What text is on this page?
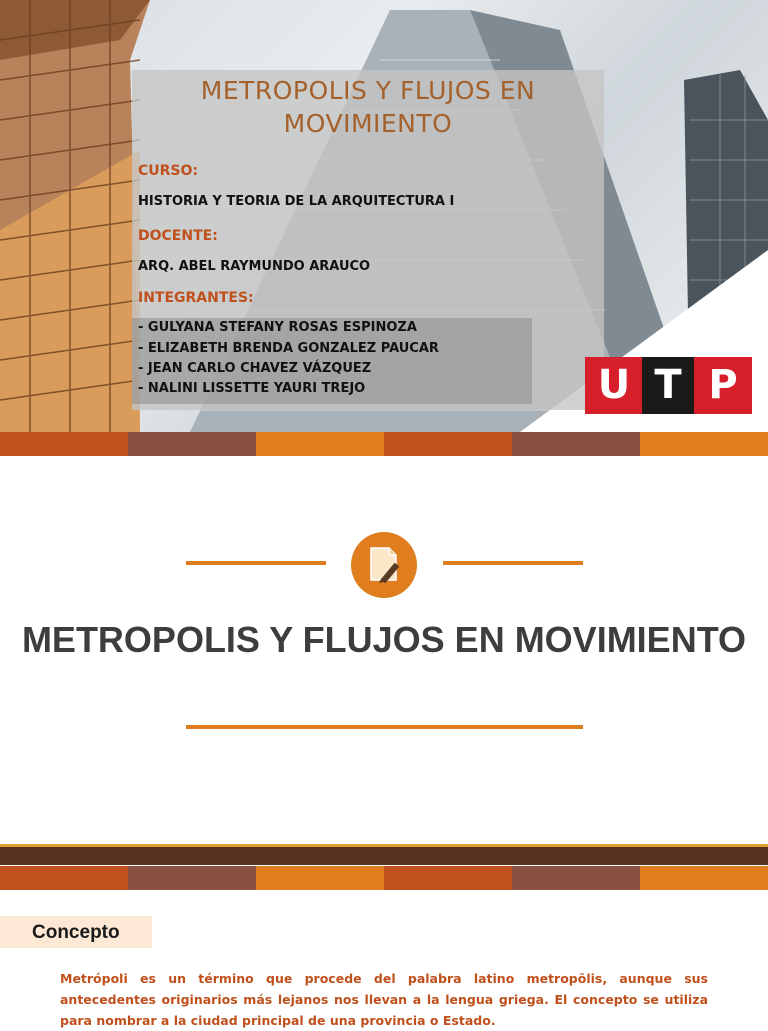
METROPOLIS Y FLUJOS EN MOVIMIENTO
CURSO:
HISTORIA Y TEORIA DE LA ARQUITECTURA I
DOCENTE:
ARQ. ABEL RAYMUNDO ARAUCO
INTEGRANTES:
- GULYANA STEFANY ROSAS ESPINOZA
- ELIZABETH BRENDA GONZALEZ PAUCAR
- JEAN CARLO CHAVEZ VÁZQUEZ
- NALINI LISSETTE YAURI TREJO	U T P
METROPOLIS Y FLUJOS EN MOVIMIENTO
Concepto
Metrópoli es un término que procede del palabra latino metropōlis, aunque sus antecedentes originarios más lejanos nos llevan a la lengua griega. El concepto se utiliza para nombrar a la ciudad principal de una provincia o Estado.
